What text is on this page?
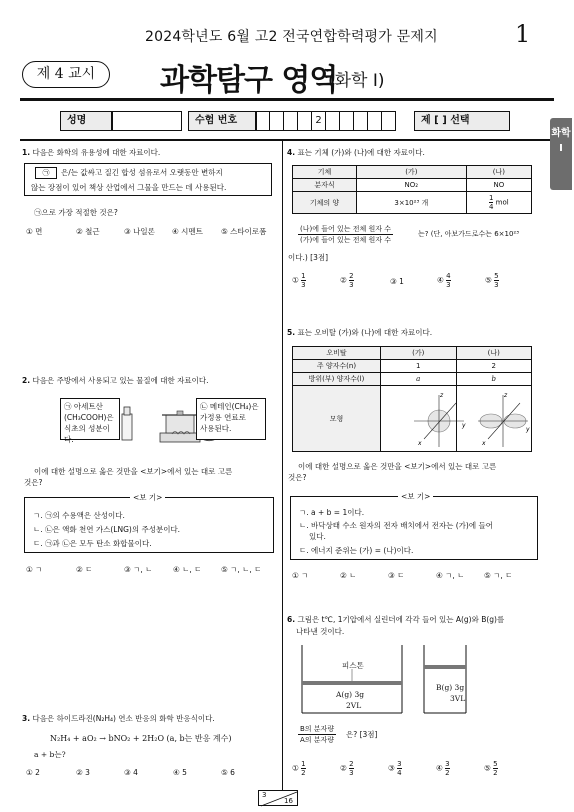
2024학년도 6월 고2 전국연합학력평가 문제지	1
제 4 교시	과학탐구 영역
(화학 Ⅰ)
성명	수험 번호	2	제 [ ] 선택
화학 Ⅰ
1. 다음은 화학의 유용성에 대한 자료이다.
㉠	은/는 값싸고 질긴 합성 섬유로서 오랫동안 변하지
않는 장점이 있어 책상 산업에서 그물을 만드는 데 사용된다.
㉠으로 가장 적절한 것은?
① 면	② 철근	③ 나일론 ④ 시멘트 ⑤ 스타이로폼
2. 다음은 주방에서 사용되고 있는 물질에 대한 자료이다.
㉠ 아세트산
(CH₃COOH)은
식초의 성분이다.
㉡ 메테인(CH₄)은
가정용 연료로
사용된다.
이에 대한 설명으로 옳은 것만을 <보기>에서 있는 대로 고른
것은?
ㄱ. ㉠의 수용액은 산성이다.
ㄴ. ㉡은 액화 천연 가스(LNG)의 주성분이다.
ㄷ. ㉠과 ㉡은 모두 탄소 화합물이다.
<보 기>
① ㄱ	② ㄷ	③ ㄱ, ㄴ	④ ㄴ, ㄷ	⑤ ㄱ, ㄴ, ㄷ
3. 다음은 하이드라진(N₂H₄) 연소 반응의 화학 반응식이다.
N₂H₄ + aO₂ → bNO₂ + 2H₂O (a, b는 반응 계수)
a + b는?
① 2	② 3	③ 4	④ 5	⑤ 6
4. 표는 기체 (가)와 (나)에 대한 자료이다.
기체	(가)	(나)
분자식	NO₂	NO
기체의 양	3×10²³ 개	$\frac{1}{4}$ mol
(나)에 들어 있는 전체 원자 수
(가)에 들어 있는 전체 원자 수
는? (단, 아보가드로수는 6×10²³
이다.) [3점]
① $\frac{1}{3}$	② $\frac{2}{3}$	③ 1	④ $\frac{4}{3}$	⑤ $\frac{5}{3}$
5. 표는 오비탈 (가)와 (나)에 대한 자료이다.
오비탈	(가)	(나)
주 양자수(n)	1	2
방위(부) 양자수(l)	a	b
모형		
z
y
x
z
y
x
이에 대한 설명으로 옳은 것만을 <보기>에서 있는 대로 고른
것은?
ㄱ. a + b = 1이다.
ㄴ. 바닥상태 수소 원자의 전자 배치에서 전자는 (가)에 들어
있다.
ㄷ. 에너지 준위는 (가) = (나)이다.
<보 기>
① ㄱ	② ㄴ	③ ㄷ	④ ㄱ, ㄴ	⑤ ㄱ, ㄷ
6. 그림은 t℃, 1기압에서 실린더에 각각 들어 있는 A(g)와 B(g)를
나타낸 것이다.
피스톤
A(g) 3g
2VL
B(g) 3g
3VL
B의 분자량
A의 분자량
은? [3점]
① $\frac{1}{2}$	② $\frac{2}{3}$	③ $\frac{3}{4}$	④ $\frac{3}{2}$	⑤ $\frac{5}{2}$
3
16
